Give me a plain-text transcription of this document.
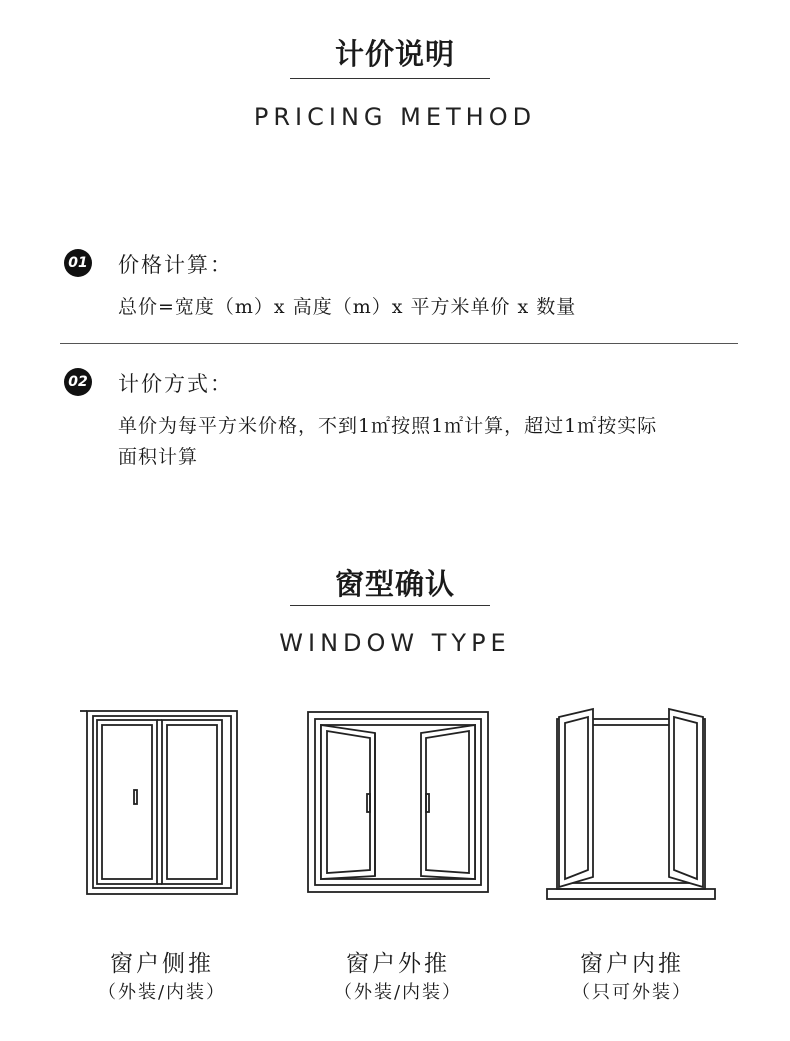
计价说明
PRICING METHOD
01 价格计算：
总价=宽度（m）x 高度（m）x 平方米单价 x 数量
02 计价方式：
单价为每平方米价格，不到1㎡按照1㎡计算，超过1㎡按实际
面积计算
窗型确认
WINDOW TYPE
窗户侧推
（外装/内装）
窗户外推
（外装/内装）
窗户内推
（只可外装）
